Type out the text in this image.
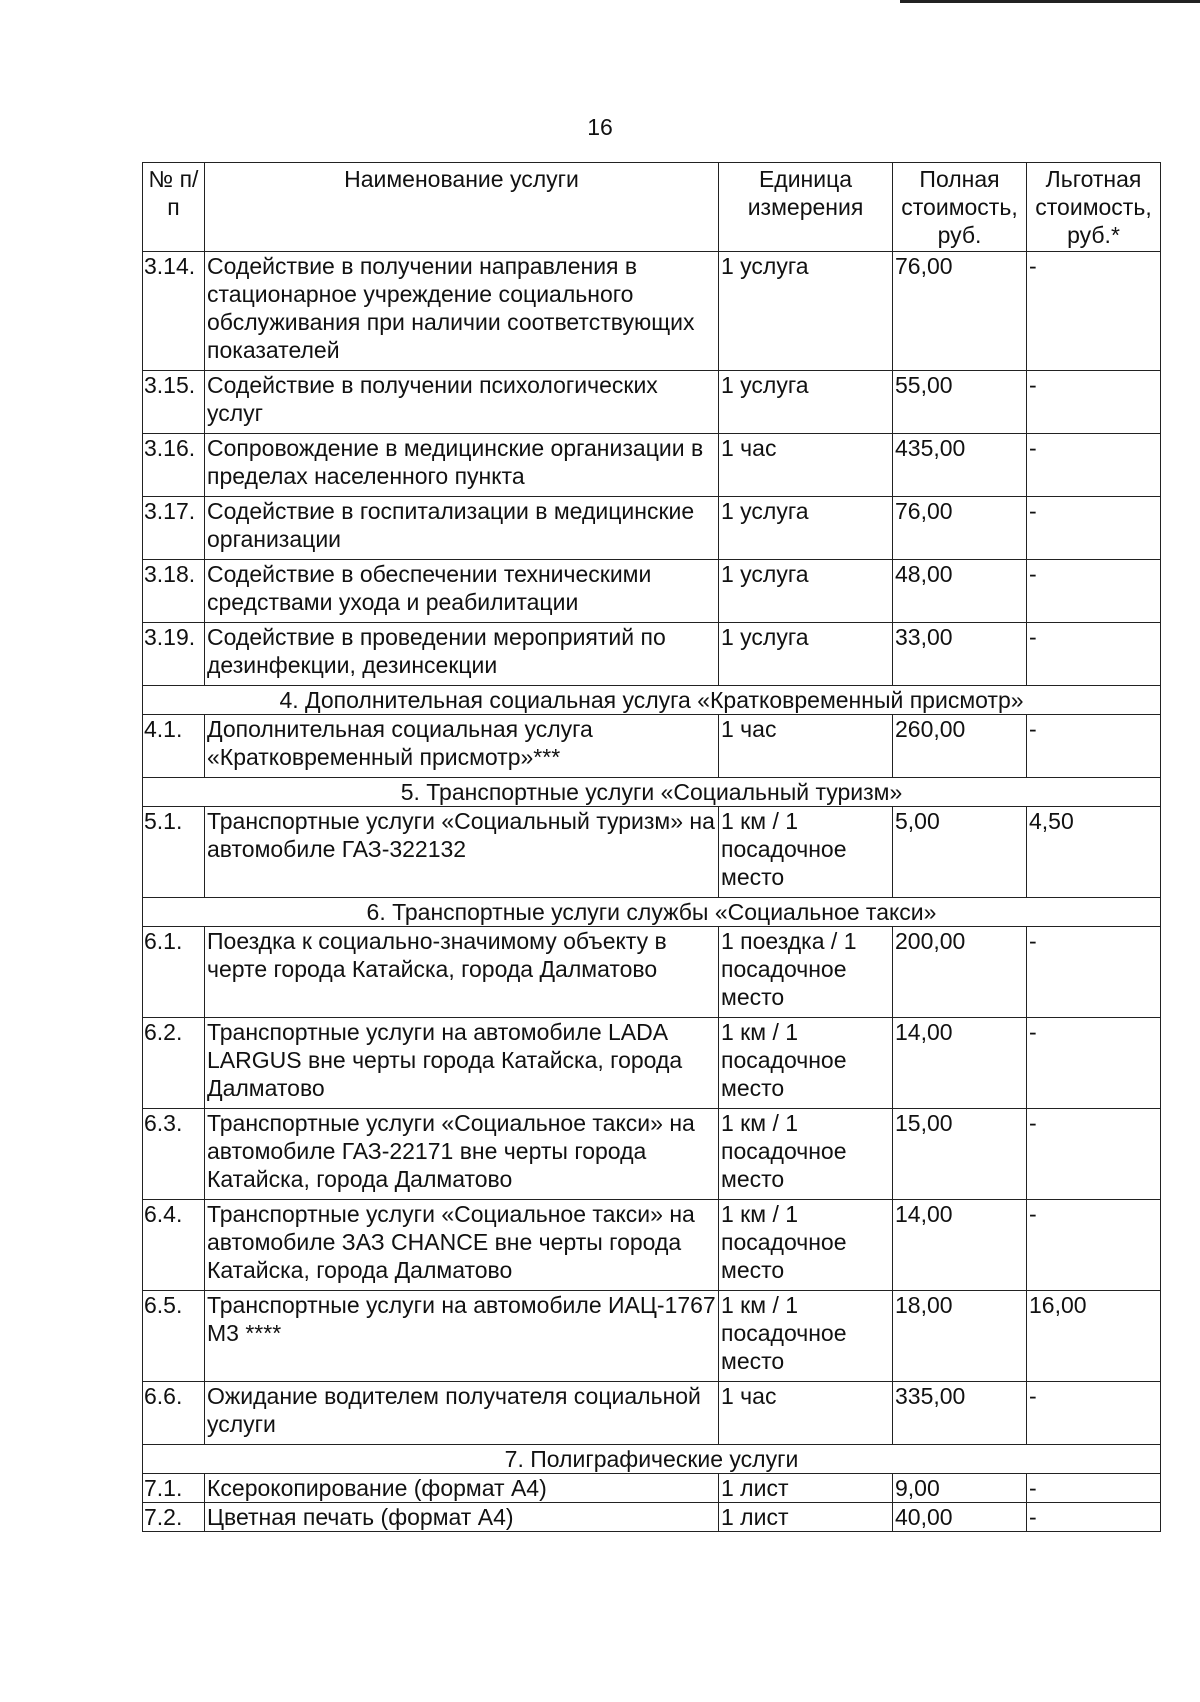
16
№ п/п	Наименование услуги	Единица измерения	Полная стоимость, руб.	Льготная стоимость, руб.*
3.14.	Содействие в получении направления в стационарное учреждение социального обслуживания при наличии соответствующих показателей	1 услуга	76,00	-
3.15.	Содействие в получении психологических услуг	1 услуга	55,00	-
3.16.	Сопровождение в медицинские организации в пределах населенного пункта	1 час	435,00	-
3.17.	Содействие в госпитализации в медицинские организации	1 услуга	76,00	-
3.18.	Содействие в обеспечении техническими средствами ухода и реабилитации	1 услуга	48,00	-
3.19.	Содействие в проведении мероприятий по дезинфекции, дезинсекции	1 услуга	33,00	-
4. Дополнительная социальная услуга «Кратковременный присмотр»				
4.1.	Дополнительная социальная услуга «Кратковременный присмотр»***	1 час	260,00	-
5. Транспортные услуги «Социальный туризм»				
5.1.	Транспортные услуги «Социальный туризм» на автомобиле ГАЗ-322132	1 км / 1 посадочное место	5,00	4,50
6. Транспортные услуги службы «Социальное такси»				
6.1.	Поездка к социально-значимому объекту в черте города Катайска, города Далматово	1 поездка / 1 посадочное место	200,00	-
6.2.	Транспортные услуги на автомобиле LADA LARGUS вне черты города Катайска, города Далматово	1 км / 1 посадочное место	14,00	-
6.3.	Транспортные услуги «Социальное такси» на автомобиле ГАЗ-22171 вне черты города Катайска, города Далматово	1 км / 1 посадочное место	15,00	-
6.4.	Транспортные услуги «Социальное такси» на автомобиле ЗАЗ CHANCE вне черты города Катайска, города Далматово	1 км / 1 посадочное место	14,00	-
6.5.	Транспортные услуги на автомобиле ИАЦ-1767 М3 ****	1 км / 1 посадочное место	18,00	16,00
6.6.	Ожидание водителем получателя социальной услуги	1 час	335,00	-
7. Полиграфические услуги				
7.1.	Ксерокопирование (формат А4)	1 лист	9,00	-
7.2.	Цветная печать (формат А4)	1 лист	40,00	-
